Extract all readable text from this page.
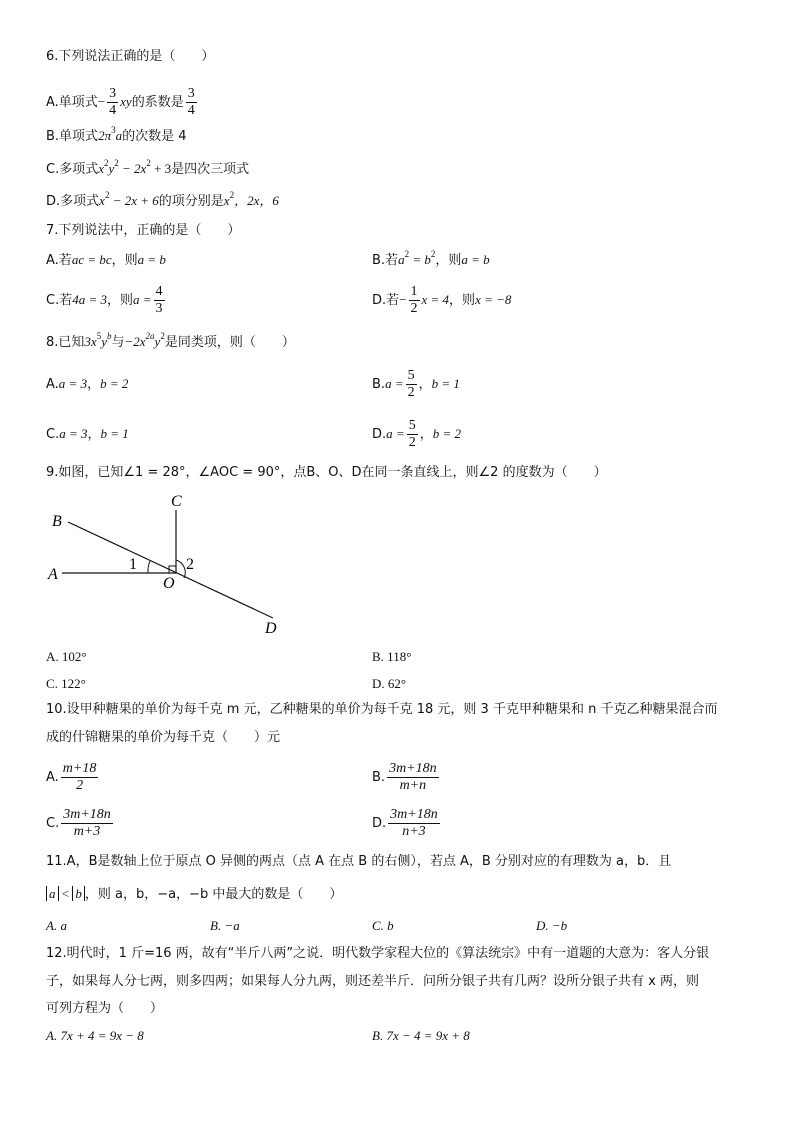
6.下列说法正确的是（　　）
A.单项式− $\frac{3}{4}$ xy的系数是 $\frac{3}{4}$
B.单项式$2\pi^3a$的次数是 4
C.多项式$x^2y^2 - 2x^2 + 3$是四次三项式
D.多项式$x^2 - 2x + 6$的项分别是$x^2$，2x，6
7.下列说法中，正确的是（　　）
A.若ac = bc，则a = b	B.若$a^2 = b^2$，则a = b
C.若4a = 3，则$a = \frac{4}{3}$	D.若− $\frac{1}{2}$ x = 4，则x = −8
8.已知$3x^5y^b$与$-2x^{2a}y^2$是同类项，则（　　）
A.a = 3，b = 2	$B.a = \frac{5}{2}$ ，b = 1
C.a = 3，b = 1	$D.a = \frac{5}{2}$ ，b = 2
9.如图，已知∠1 = 28°，∠AOC = 90°，点B、O、D在同一条直线上，则∠2 的度数为（　　）
B
C
A
1	2
O
D
A. 102°	B. 118°
C. 122°	D. 62°
10.设甲种糖果的单价为每千克 m 元，乙种糖果的单价为每千克 18 元，则 3 千克甲种糖果和 n 千克乙种糖果混合而
成的什锦糖果的单价为每千克（　　）元
A. $\frac{m+18}{2}$	B. $\frac{3m+18n}{m+n}$
C. $\frac{3m+18n}{m+3}$	D. $\frac{3m+18n}{n+3}$
11.A，B是数轴上位于原点 O 异侧的两点（点 A 在点 B 的右侧），若点 A，B 分别对应的有理数为 a，b．且
a < b ，则 a，b，−a，−b 中最大的数是（　　）
A. a	B. −a	C. b	D. −b
12.明代时，1 斤=16 两，故有“半斤八两”之说．明代数学家程大位的《算法统宗》中有一道题的大意为：客人分银
子，如果每人分七两，则多四两；如果每人分九两，则还差半斤．问所分银子共有几两？设所分银子共有 x 两，则
可列方程为（　　）
A. 7x + 4 = 9x − 8	B. 7x − 4 = 9x + 8
